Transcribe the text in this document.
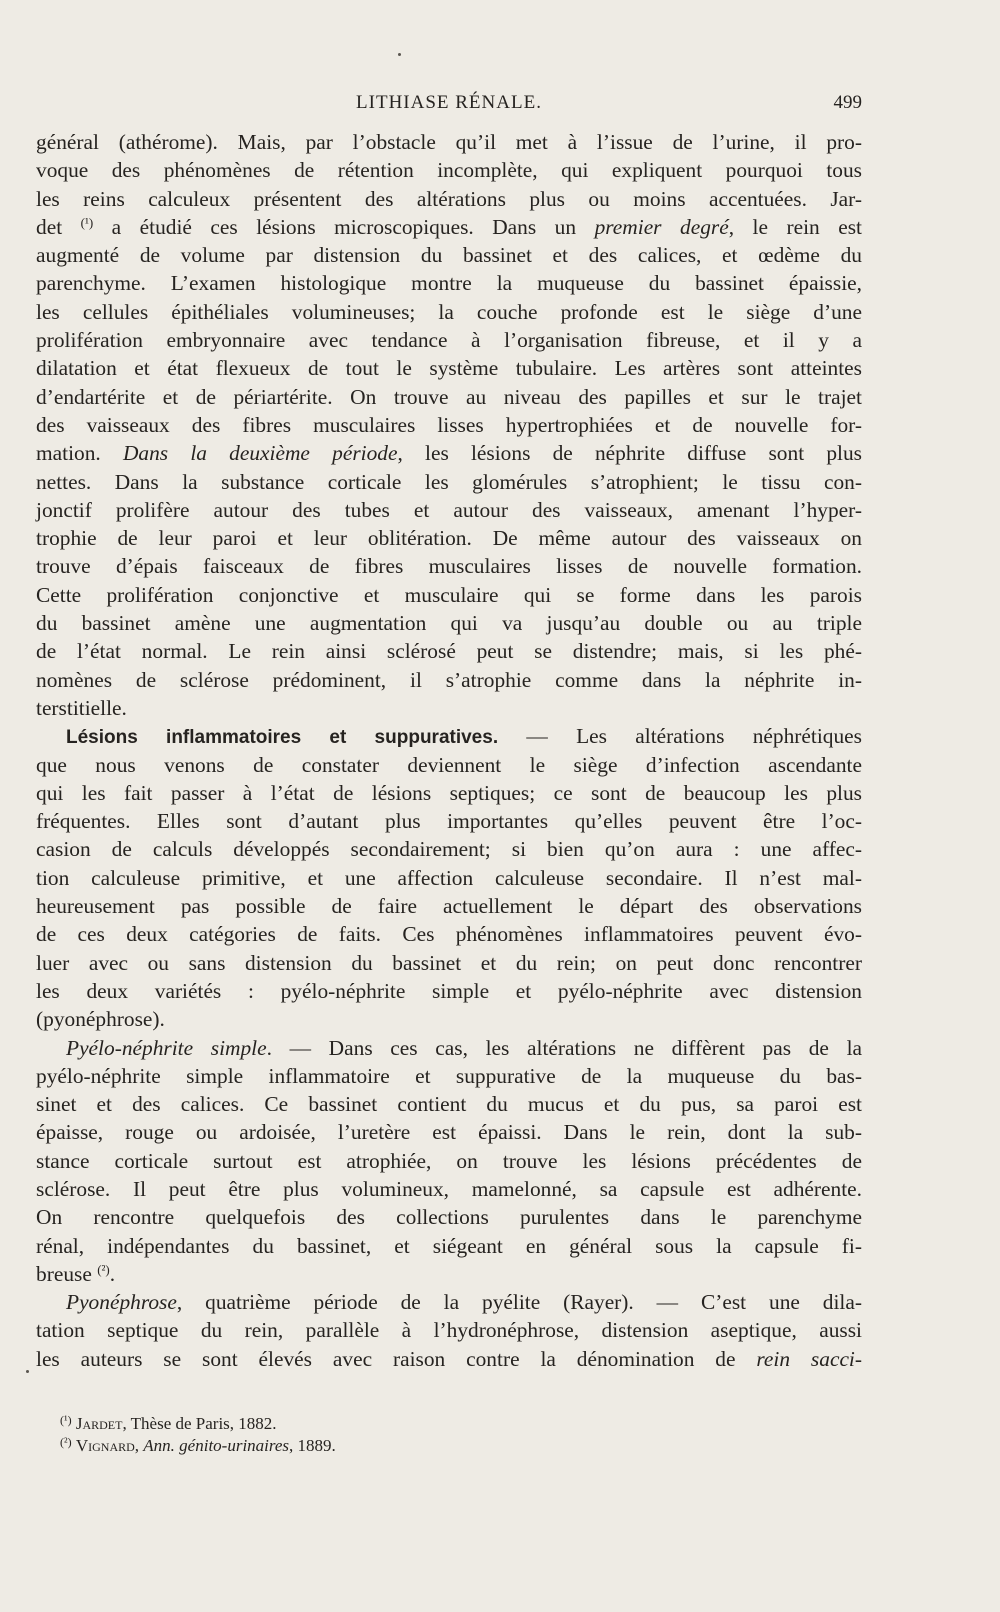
LITHIASE RÉNALE.	499
général (athérome). Mais, par l’obstacle qu’il met à l’issue de l’urine, il pro-
voque des phénomènes de rétention incomplète, qui expliquent pourquoi tous
les reins calculeux présentent des altérations plus ou moins accentuées. Jar-
det $^{(^1)}$ a étudié ces lésions microscopiques. Dans un premier degré, le rein est
augmenté de volume par distension du bassinet et des calices, et œdème du
parenchyme. L’examen histologique montre la muqueuse du bassinet épaissie,
les cellules épithéliales volumineuses; la couche profonde est le siège d’une
prolifération embryonnaire avec tendance à l’organisation fibreuse, et il y a
dilatation et état flexueux de tout le système tubulaire. Les artères sont atteintes
d’endartérite et de périartérite. On trouve au niveau des papilles et sur le trajet
des vaisseaux des fibres musculaires lisses hypertrophiées et de nouvelle for-
mation. Dans la deuxième période, les lésions de néphrite diffuse sont plus
nettes. Dans la substance corticale les glomérules s’atrophient; le tissu con-
jonctif prolifère autour des tubes et autour des vaisseaux, amenant l’hyper-
trophie de leur paroi et leur oblitération. De même autour des vaisseaux on
trouve d’épais faisceaux de fibres musculaires lisses de nouvelle formation.
Cette prolifération conjonctive et musculaire qui se forme dans les parois
du bassinet amène une augmentation qui va jusqu’au double ou au triple
de l’état normal. Le rein ainsi sclérosé peut se distendre; mais, si les phé-
nomènes de sclérose prédominent, il s’atrophie comme dans la néphrite in-
terstitielle.
Lésions inflammatoires et suppuratives. — Les altérations néphrétiques
que nous venons de constater deviennent le siège d’infection ascendante
qui les fait passer à l’état de lésions septiques; ce sont de beaucoup les plus
fréquentes. Elles sont d’autant plus importantes qu’elles peuvent être l’oc-
casion de calculs développés secondairement; si bien qu’on aura : une affec-
tion calculeuse primitive, et une affection calculeuse secondaire. Il n’est mal-
heureusement pas possible de faire actuellement le départ des observations
de ces deux catégories de faits. Ces phénomènes inflammatoires peuvent évo-
luer avec ou sans distension du bassinet et du rein; on peut donc rencontrer
les deux variétés : pyélo-néphrite simple et pyélo-néphrite avec distension
(pyonéphrose).
Pyélo-néphrite simple. — Dans ces cas, les altérations ne diffèrent pas de la
pyélo-néphrite simple inflammatoire et suppurative de la muqueuse du bas-
sinet et des calices. Ce bassinet contient du mucus et du pus, sa paroi est
épaisse, rouge ou ardoisée, l’uretère est épaissi. Dans le rein, dont la sub-
stance corticale surtout est atrophiée, on trouve les lésions précédentes de
sclérose. Il peut être plus volumineux, mamelonné, sa capsule est adhérente.
On rencontre quelquefois des collections purulentes dans le parenchyme
rénal, indépendantes du bassinet, et siégeant en général sous la capsule fi-
breuse $^{(^2)}$.
Pyonéphrose, quatrième période de la pyélite (Rayer). — C’est une dila-
tation septique du rein, parallèle à l’hydronéphrose, distension aseptique, aussi
les auteurs se sont élevés avec raison contre la dénomination de rein sacci-
$^{(^1)}$ Jardet, Thèse de Paris, 1882.
$^{(^2)}$ Vignard, Ann. génito-urinaires, 1889.
